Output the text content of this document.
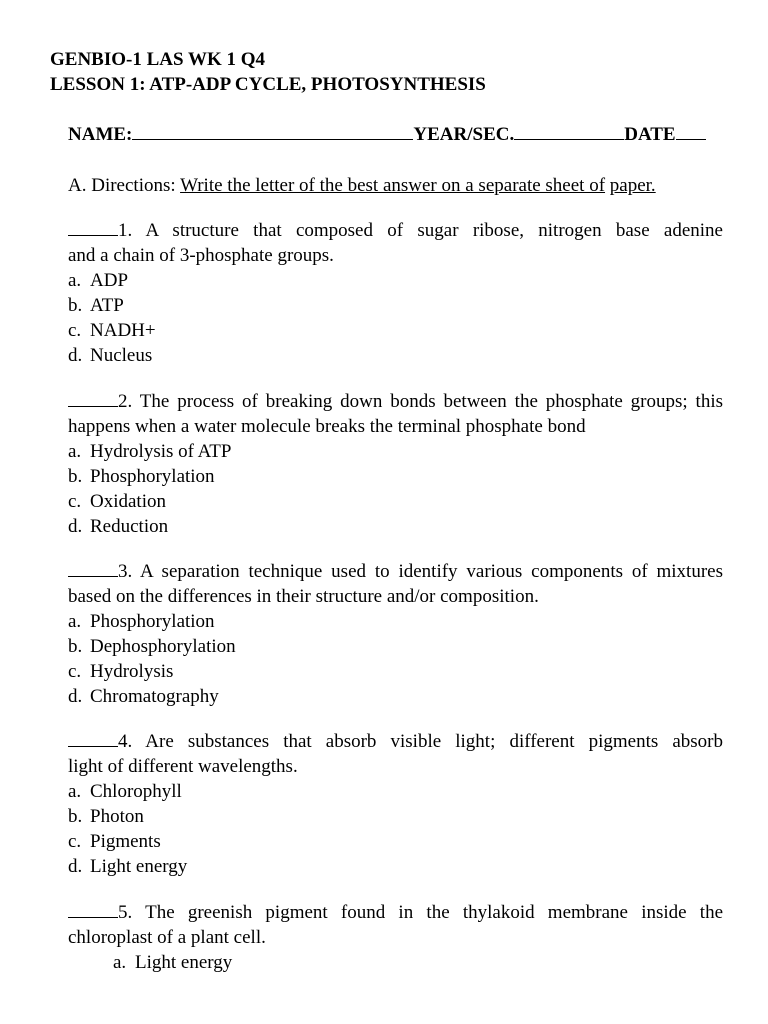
GENBIO-1 LAS WK 1 Q4
LESSON 1: ATP-ADP CYCLE, PHOTOSYNTHESIS
NAME:	YEAR/SEC.	DATE
A. Directions: Write the letter of the best answer on a separate sheet of paper.
1. A structure that composed of sugar ribose, nitrogen base adenine
and a chain of 3-phosphate groups.
a. ADP
b. ATP
c. NADH+
d. Nucleus
2. The process of breaking down bonds between the phosphate groups; this
happens when a water molecule breaks the terminal phosphate bond
a. Hydrolysis of ATP
b. Phosphorylation
c. Oxidation
d. Reduction
3. A separation technique used to identify various components of mixtures
based on the differences in their structure and/or composition.
a. Phosphorylation
b. Dephosphorylation
c. Hydrolysis
d. Chromatography
4. Are substances that absorb visible light; different pigments absorb
light of different wavelengths.
a. Chlorophyll
b. Photon
c. Pigments
d. Light energy
5. The greenish pigment found in the thylakoid membrane inside the
chloroplast of a plant cell.
a. Light energy
